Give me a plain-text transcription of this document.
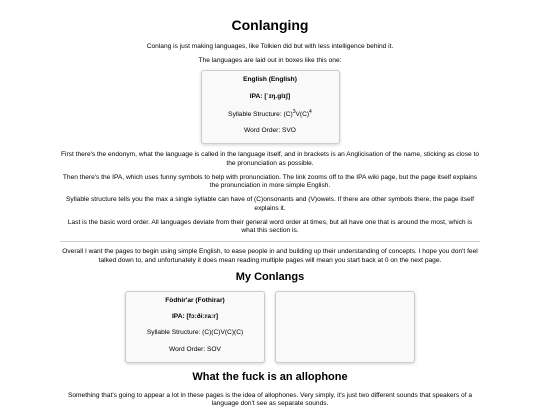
Conlanging

Conlang is just making languages, like Tolkien did but with less intelligence behind it.

The languages are laid out in boxes like this one:

English (English)
IPA: [ˈɪŋ.ɡlɪʃ]
Syllable Structure: $(C)^3V(C)^4$
Word Order: SVO

First there's the endonym, what the language is called in the language itself, and in brackets is an Anglicisation of the name, sticking as close to the pronunciation as possible.

Then there's the IPA, which uses funny symbols to help with pronunciation. The link zooms off to the IPA wiki page, but the page itself explains the pronunciation in more simple English.

Syllable structure tells you the max a single syllable can have of (C)onsonants and (V)owels. If there are other symbols there, the page itself explains it.

Last is the basic word order. All languages deviate from their general word order at times, but all have one that is around the most, which is what this section is.

Overall I want the pages to begin using simple English, to ease people in and building up their understanding of concepts. I hope you don't feel talked down to, and unfortunately it does mean reading multiple pages will mean you start back at 0 on the next page.

My Conlangs
Fòdhir'ar (Fothirar)
IPA: [fɔ:ði:ra:r]
Syllable Structure: (C)(C)V(C)(C)
Word Order: SOV
What the fuck is an allophone

Something that's going to appear a lot in these pages is the idea of allophones. Very simply, it's just two different sounds that speakers of a language don't see as separate sounds.
